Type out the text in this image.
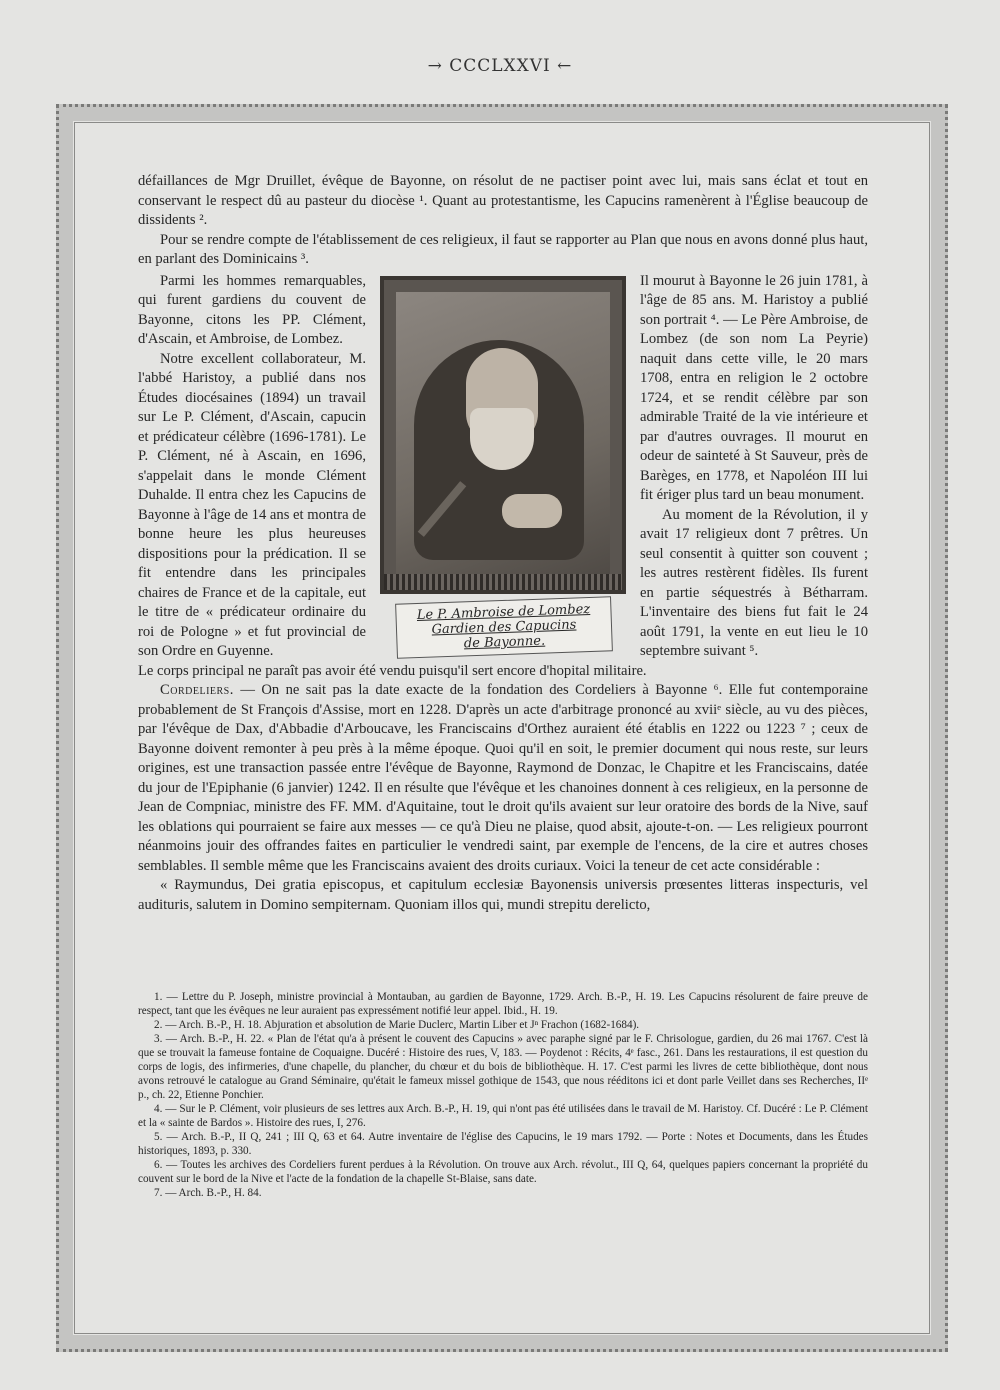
→ CCCLXXVI ←

défaillances de Mgr Druillet, évêque de Bayonne, on résolut de ne pactiser point avec lui, mais sans éclat et tout en conservant le respect dû au pasteur du diocèse ¹. Quant au protestantisme, les Capucins ramenèrent à l'Église beaucoup de dissidents ².

Pour se rendre compte de l'établissement de ces religieux, il faut se rapporter au Plan que nous en avons donné plus haut, en parlant des Dominicains ³.

Parmi les hommes remarquables, qui furent gardiens du couvent de Bayonne, citons les PP. Clément, d'Ascain, et Ambroise, de Lombez.

Notre excellent collaborateur, M. l'abbé Haristoy, a publié dans nos Études diocésaines (1894) un travail sur Le P. Clément, d'Ascain, capucin et prédicateur célèbre (1696-1781). Le P. Clément, né à Ascain, en 1696, s'appelait dans le monde Clément Duhalde. Il entra chez les Capucins de Bayonne à l'âge de 14 ans et montra de bonne heure les plus heureuses dispositions pour la prédication. Il se fit entendre dans les principales chaires de France et de la capitale, eut le titre de « prédicateur ordinaire du roi de Pologne » et fut provincial de son Ordre en Guyenne.

Le P. Ambroise de Lombez
Gardien des Capucins
de Bayonne.

Il mourut à Bayonne le 26 juin 1781, à l'âge de 85 ans. M. Haristoy a publié son portrait ⁴. — Le Père Ambroise, de Lombez (de son nom La Peyrie) naquit dans cette ville, le 20 mars 1708, entra en religion le 2 octobre 1724, et se rendit célèbre par son admirable Traité de la vie intérieure et par d'autres ouvrages. Il mourut en odeur de sainteté à St Sauveur, près de Barèges, en 1778, et Napoléon III lui fit ériger plus tard un beau monument.

Au moment de la Révolution, il y avait 17 religieux dont 7 prêtres. Un seul consentit à quitter son couvent ; les autres restèrent fidèles. Ils furent en partie séquestrés à Bétharram. L'inventaire des biens fut fait le 24 août 1791, la vente en eut lieu le 10 septembre suivant ⁵.

Le corps principal ne paraît pas avoir été vendu puisqu'il sert encore d'hopital militaire.

Cordeliers. — On ne sait pas la date exacte de la fondation des Cordeliers à Bayonne ⁶. Elle fut contemporaine probablement de St François d'Assise, mort en 1228. D'après un acte d'arbitrage prononcé au xviiᵉ siècle, au vu des pièces, par l'évêque de Dax, d'Abbadie d'Arboucave, les Franciscains d'Orthez auraient été établis en 1222 ou 1223 ⁷ ; ceux de Bayonne doivent remonter à peu près à la même époque. Quoi qu'il en soit, le premier document qui nous reste, sur leurs origines, est une transaction passée entre l'évêque de Bayonne, Raymond de Donzac, le Chapitre et les Franciscains, datée du jour de l'Epiphanie (6 janvier) 1242. Il en résulte que l'évêque et les chanoines donnent à ces religieux, en la personne de Jean de Compniac, ministre des FF. MM. d'Aquitaine, tout le droit qu'ils avaient sur leur oratoire des bords de la Nive, sauf les oblations qui pourraient se faire aux messes — ce qu'à Dieu ne plaise, quod absit, ajoute-t-on. — Les religieux pourront néanmoins jouir des offrandes faites en particulier le vendredi saint, par exemple de l'encens, de la cire et autres choses semblables. Il semble même que les Franciscains avaient des droits curiaux. Voici la teneur de cet acte considérable :

« Raymundus, Dei gratia episcopus, et capitulum ecclesiæ Bayonensis universis prœsentes litteras inspecturis, vel audituris, salutem in Domino sempiternam. Quoniam illos qui, mundi strepitu derelicto,

1. — Lettre du P. Joseph, ministre provincial à Montauban, au gardien de Bayonne, 1729. Arch. B.-P., H. 19. Les Capucins résolurent de faire preuve de respect, tant que les évêques ne leur auraient pas expressément notifié leur appel. Ibid., H. 19.

2. — Arch. B.-P., H. 18. Abjuration et absolution de Marie Duclerc, Martin Liber et Jⁿ Frachon (1682-1684).

3. — Arch. B.-P., H. 22. « Plan de l'état qu'a à présent le couvent des Capucins » avec paraphe signé par le F. Chrisologue, gardien, du 26 mai 1767. C'est là que se trouvait la fameuse fontaine de Coquaigne. Ducéré : Histoire des rues, V, 183. — Poydenot : Récits, 4ᵉ fasc., 261. Dans les restaurations, il est question du corps de logis, des infirmeries, d'une chapelle, du plancher, du chœur et du bois de bibliothèque. H. 17. C'est parmi les livres de cette bibliothèque, dont nous avons retrouvé le catalogue au Grand Séminaire, qu'était le fameux missel gothique de 1543, que nous rééditons ici et dont parle Veillet dans ses Recherches, IIᵉ p., ch. 22, Etienne Ponchier.

4. — Sur le P. Clément, voir plusieurs de ses lettres aux Arch. B.-P., H. 19, qui n'ont pas été utilisées dans le travail de M. Haristoy. Cf. Ducéré : Le P. Clément et la « sainte de Bardos ». Histoire des rues, I, 276.

5. — Arch. B.-P., II Q, 241 ; III Q, 63 et 64. Autre inventaire de l'église des Capucins, le 19 mars 1792. — Porte : Notes et Documents, dans les Études historiques, 1893, p. 330.

6. — Toutes les archives des Cordeliers furent perdues à la Révolution. On trouve aux Arch. révolut., III Q, 64, quelques papiers concernant la propriété du couvent sur le bord de la Nive et l'acte de la fondation de la chapelle St-Blaise, sans date.

7. — Arch. B.-P., H. 84.
